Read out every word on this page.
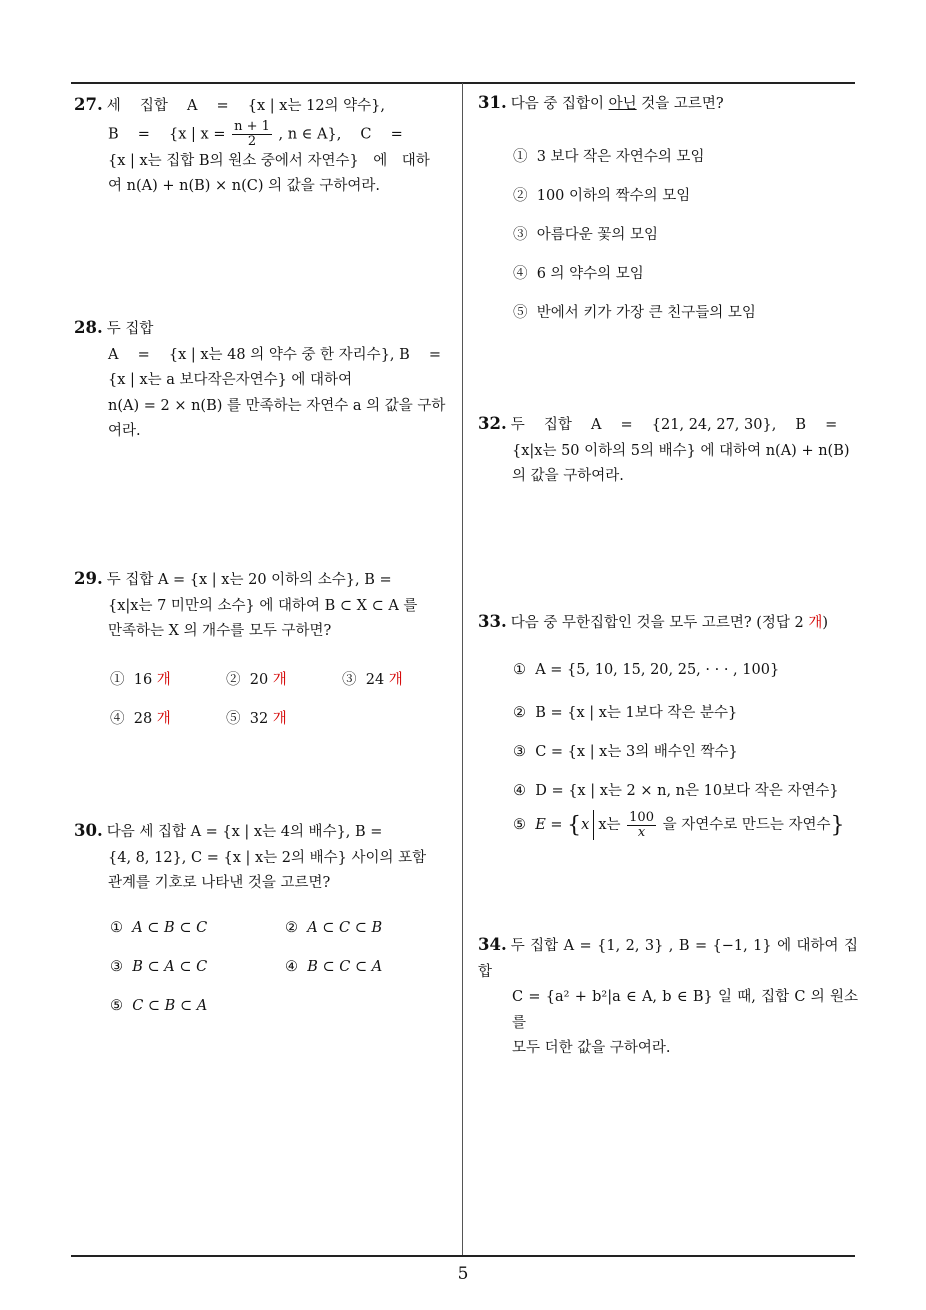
27. 세　 집합　 A　 = 　{x | x는 12의 약수},
B　 = 　{x | $x = \frac{n + 1}{2}$ , n ∈ A},　 C　 =
{x | x는 집합 B의 원소 중에서 자연수}　에　대하
여 n(A) + n(B) × n(C) 의 값을 구하여라.
28. 두 집합
A　 = 　{x | x는 48 의 약수 중 한 자리수}, B　 =
{x | x는 a 보다작은자연수} 에 대하여
n(A) = 2 × n(B) 를 만족하는 자연수 a 의 값을 구하
여라.
29. 두 집합 A = {x | x는 20 이하의 소수}, B =
{x|x는 7 미만의 소수} 에 대하여 B ⊂ X ⊂ A 를
만족하는 X 의 개수를 모두 구하면?
① 16 개	② 20 개	③ 24 개
④ 28 개	⑤ 32 개
30. 다음 세 집합 A = {x | x는 4의 배수}, B =
{4, 8, 12}, C = {x | x는 2의 배수} 사이의 포함
관계를 기호로 나타낸 것을 고르면?
① A ⊂ B ⊂ C	② A ⊂ C ⊂ B
③ B ⊂ A ⊂ C	④ B ⊂ C ⊂ A
⑤ C ⊂ B ⊂ A
31. 다음 중 집합이 아닌 것을 고르면?
① 3 보다 작은 자연수의 모임
② 100 이하의 짝수의 모임
③ 아름다운 꽃의 모임
④ 6 의 약수의 모임
⑤ 반에서 키가 가장 큰 친구들의 모임
32. 두　 집합　 A　 = 　{21, 24, 27, 30},　 B　 =
{x|x는 50 이하의 5의 배수} 에 대하여 n(A) + n(B)
의 값을 구하여라.
33. 다음 중 무한집합인 것을 모두 고르면? (정답 2 개)
① A = {5, 10, 15, 20, 25, · · · , 100}
② B = {x | x는 1보다 작은 분수}
③ C = {x | x는 3의 배수인 짝수}
④ D = {x | x는 2 × n, n은 10보다 작은 자연수}
⑤ E = {x x는 $\frac{100}{x}$ 을 자연수로 만드는 자연수}
34. 두 집합 A = {1, 2, 3} , B = {−1, 1} 에 대하여 집합
C = {a² + b²|a ∈ A, b ∈ B} 일 때, 집합 C 의 원소를
모두 더한 값을 구하여라.
5
